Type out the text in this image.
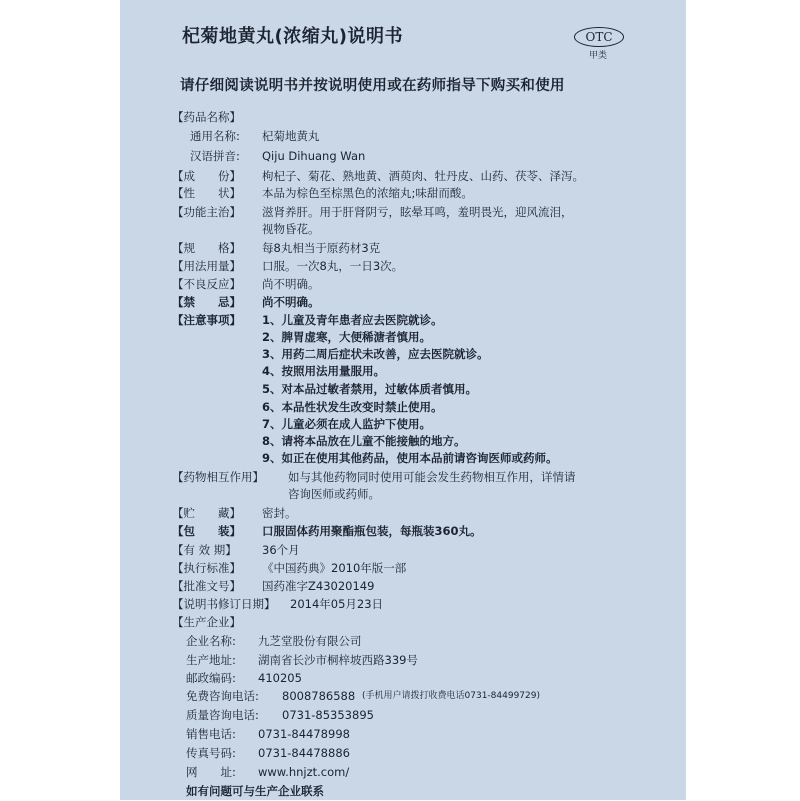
杞菊地黄丸(浓缩丸)说明书	OTC
甲类
请仔细阅读说明书并按说明使用或在药师指导下购买和使用
【药品名称】
通用名称: 杞菊地黄丸
汉语拼音: Qiju Dihuang Wan
【成　　份】 枸杞子、菊花、熟地黄、酒萸肉、牡丹皮、山药、茯苓、泽泻。
【性　　状】 本品为棕色至棕黑色的浓缩丸;味甜而酸。
【功能主治】 滋肾养肝。用于肝肾阴亏，眩晕耳鸣，羞明畏光，迎风流泪，
视物昏花。
【规　　格】 每8丸相当于原药材3克
【用法用量】 口服。一次8丸，一日3次。
【不良反应】 尚不明确。
【禁　　忌】 尚不明确。
【注意事项】 1、儿童及青年患者应去医院就诊。
2、脾胃虚寒，大便稀溏者慎用。
3、用药二周后症状未改善，应去医院就诊。
4、按照用法用量服用。
5、对本品过敏者禁用，过敏体质者慎用。
6、本品性状发生改变时禁止使用。
7、儿童必须在成人监护下使用。
8、请将本品放在儿童不能接触的地方。
9、如正在使用其他药品，使用本品前请咨询医师或药师。
【药物相互作用】 如与其他药物同时使用可能会发生药物相互作用，详情请
咨询医师或药师。
【贮　　藏】 密封。
【包　　装】 口服固体药用聚酯瓶包装，每瓶装360丸。
【有 效 期】 36个月
【执行标准】 《中国药典》2010年版一部
【批准文号】 国药准字Z43020149
【说明书修订日期】 2014年05月23日
【生产企业】
企业名称: 九芝堂股份有限公司
生产地址: 湖南省长沙市桐梓坡西路339号
邮政编码: 410205
免费咨询电话: 8008786588 (手机用户请拨打收费电话0731-84499729)
质量咨询电话: 0731-85353895
销售电话: 0731-84478998
传真号码: 0731-84478886
网　　址: www.hnjzt.com/
如有问题可与生产企业联系
